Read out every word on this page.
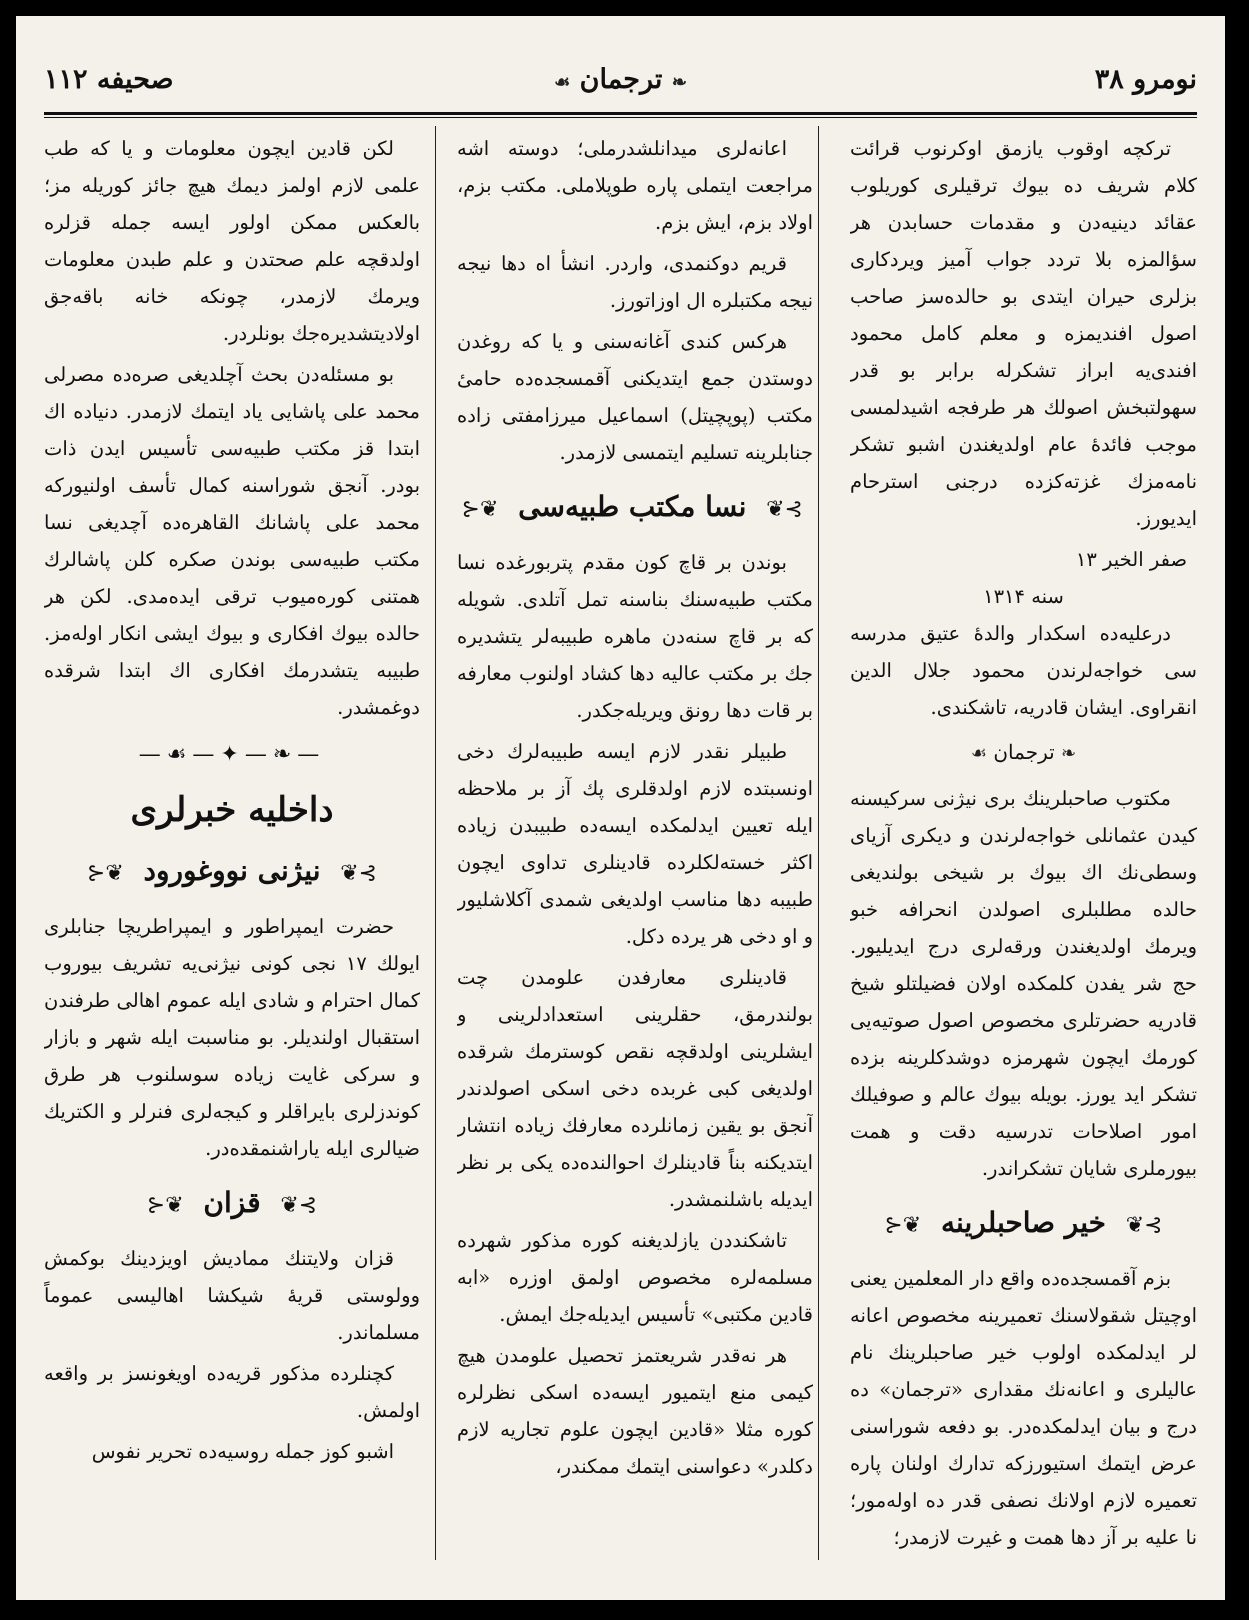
نومرو ۳۸
❧ ترجمان ☙
صحیفه ۱۱۲

ترکچه اوقوب یازمق اوکرنوب قرائت کلام شریف ده بیوك ترقیلری کوریلوب عقائد دینیه‌دن و مقدمات حسابدن هر سؤالمزه بلا تردد جواب آمیز ویردکاری بزلری حیران ایتدی بو حالده‌سز صاحب اصول افندیمزه و معلم کامل محمود افندی‌یه ابراز تشکرله برابر بو قدر سهولتبخش اصولك هر طرفجه اشیدلمسی موجب فائدهٔ عام اولدیغندن اشبو تشکر نامه‌مزك غزته‌کزده درجنی استرحام ایدیورز.

صفر الخیر ۱۳
سنه ۱۳۱۴

درعلیه‌ده اسکدار والدهٔ عتیق مدرسه سی خواجه‌لرندن محمود جلال الدین انقراوی. ایشان قادریه، تاشکندی.

❧ ترجمان ☙

مکتوب صاحبلرینك بری نیژنی سرکیسنه کیدن عثمانلی خواجه‌لرندن و دیکری آزیای وسطی‌نك اك بیوك بر شیخی بولندیغی حالده مطلبلری اصولدن انحرافه خبو ویرمك اولدیغندن ورقه‌لری درج ایدیلیور. حج شر یفدن کلمکده اولان فضیلتلو شیخ قادریه حضرتلری مخصوص اصول صوتیه‌یی کورمك ایچون شهرمزه دوشدکلرینه بزده تشکر اید یورز. بویله بیوك عالم و صوفیلك امور اصلاحات تدرسیه دقت و همت بیورملری شایان تشکراندر.

⊱❦ خیر صاحبلرینه ❦⊰

بزم آقمسجده‌ده واقع دار المعلمین یعنی اوچیتل شقولاسنك تعمیرینه مخصوص اعانه لر ایدلمکده اولوب خیر صاحبلرینك نام عالیلری و اعانه‌نك مقداری «ترجمان» ده درج و بیان ایدلمکده‌در. بو دفعه شوراسنی عرض ایتمك استیورزکه تدارك اولنان پاره تعمیره لازم اولانك نصفی قدر ده اوله‌مور؛ نا علیه بر آز دها همت و غیرت لازمدر؛

اعانه‌لری میدانلشدرملی؛ دوسته اشه مراجعت ایتملی پاره طوپلاملی. مکتب بزم، اولاد بزم، ایش بزم.

قریم دوکنمدی، واردر. انشأ اه دها نیجه نیجه مکتبلره ال اوزاتورز.

هرکس کندی آغانه‌سنی و یا که روغدن دوستدن جمع ایتدیکنی آقمسجده‌ده حامیٔ مکتب (پوپچیتل) اسماعیل میرزامفتی زاده جنابلرینه تسلیم ایتمسی لازمدر.

⊱❦ نسا مکتب طبیه‌سی ❦⊰

بوندن بر قاچ کون مقدم پتربورغده نسا مکتب طبیه‌سنك بناسنه تمل آتلدی. شویله که بر قاچ سنه‌دن ماهره طبیبه‌لر یتشدیره جك بر مکتب عالیه دها کشاد اولنوب معارفه بر قات دها رونق ویریله‌جکدر.

طبیلر نقدر لازم ایسه طبیبه‌لرك دخی اونسبتده لازم اولدقلری پك آز بر ملاحظه ایله تعیین ایدلمکده ایسه‌ده طبیبدن زیاده اکثر خسته‌لکلرده قادینلری تداوی ایچون طبیبه دها مناسب اولدیغی شمدی آکلاشلیور و او دخی هر یرده دکل.

قادینلری معارفدن علومدن چت بولندرمق، حقلرینی استعدادلرینی و ایشلرینی اولدقچه نقص کوسترمك شرقده اولدیغی کبی غربده دخی اسکی اصولدندر آنجق بو یقین زمانلرده معارفك زیاده انتشار ایتدیکنه بناً قادینلرك احوالنده‌ده یکی بر نظر ایدیله باشلنمشدر.

تاشکنددن یازلدیغنه کوره مذکور شهرده مسلمه‌لره مخصوص اولمق اوزره «ابه قادین مکتبی» تأسیس ایدیله‌جك ایمش.

هر نه‌قدر شریعتمز تحصیل علومدن هیچ کیمی منع ایتمیور ایسه‌ده اسکی نظرلره کوره مثلا «قادین ایچون علوم تجاریه لازم دکلدر» دعواسنی ایتمك ممکندر،

لکن قادین ایچون معلومات و یا که طب علمی لازم اولمز دیمك هیچ جائز کوریله مز؛ بالعکس ممکن اولور ایسه جمله قزلره اولدقچه علم صحتدن و علم طبدن معلومات ویرمك لازمدر، چونکه خانه باقه‌جق اولادیتشدیره‌جك بونلردر.

بو مسئله‌دن بحث آچلدیغی صره‌ده مصرلی محمد علی پاشایی یاد ایتمك لازمدر. دنیاده اك ابتدا قز مکتب طبیه‌سی تأسیس ایدن ذات بودر. آنجق شوراسنه کمال تأسف اولنیورکه محمد علی پاشانك القاهره‌ده آچدیغی نسا مکتب طبیه‌سی بوندن صکره کلن پاشالرك همتنی کوره‌میوب ترقی ایده‌مدی. لکن هر حالده بیوك افکاری و بیوك ایشی انکار اوله‌مز. طبیبه یتشدرمك افکاری اك ابتدا شرقده دوغمشدر.

—❧—✦—☙—
داخلیه خبرلری
⊱❦ نیژنی نووغورود ❦⊰

حضرت ایمپراطور و ایمپراطریچا جنابلری ایولك ۱۷ نجی کونی نیژنی‌یه تشریف بیوروب کمال احترام و شادی ایله عموم اهالی طرفندن استقبال اولندیلر. بو مناسبت ایله شهر و بازار و سرکی غایت زیاده سوسلنوب هر طرق کوندزلری بایراقلر و کیجه‌لری فنرلر و الکتریك ضیالری ایله یاراشنمقده‌در.

⊱❦ قزان ❦⊰

قزان ولایتنك ممادیش اویزدینك بوکمش وولوستی قریهٔ شیکشا اهالیسی عموماً مسلماندر.

کچنلرده مذکور قریه‌ده اویغونسز بر واقعه اولمش.

اشبو کوز جمله روسیه‌ده تحریر نفوس
